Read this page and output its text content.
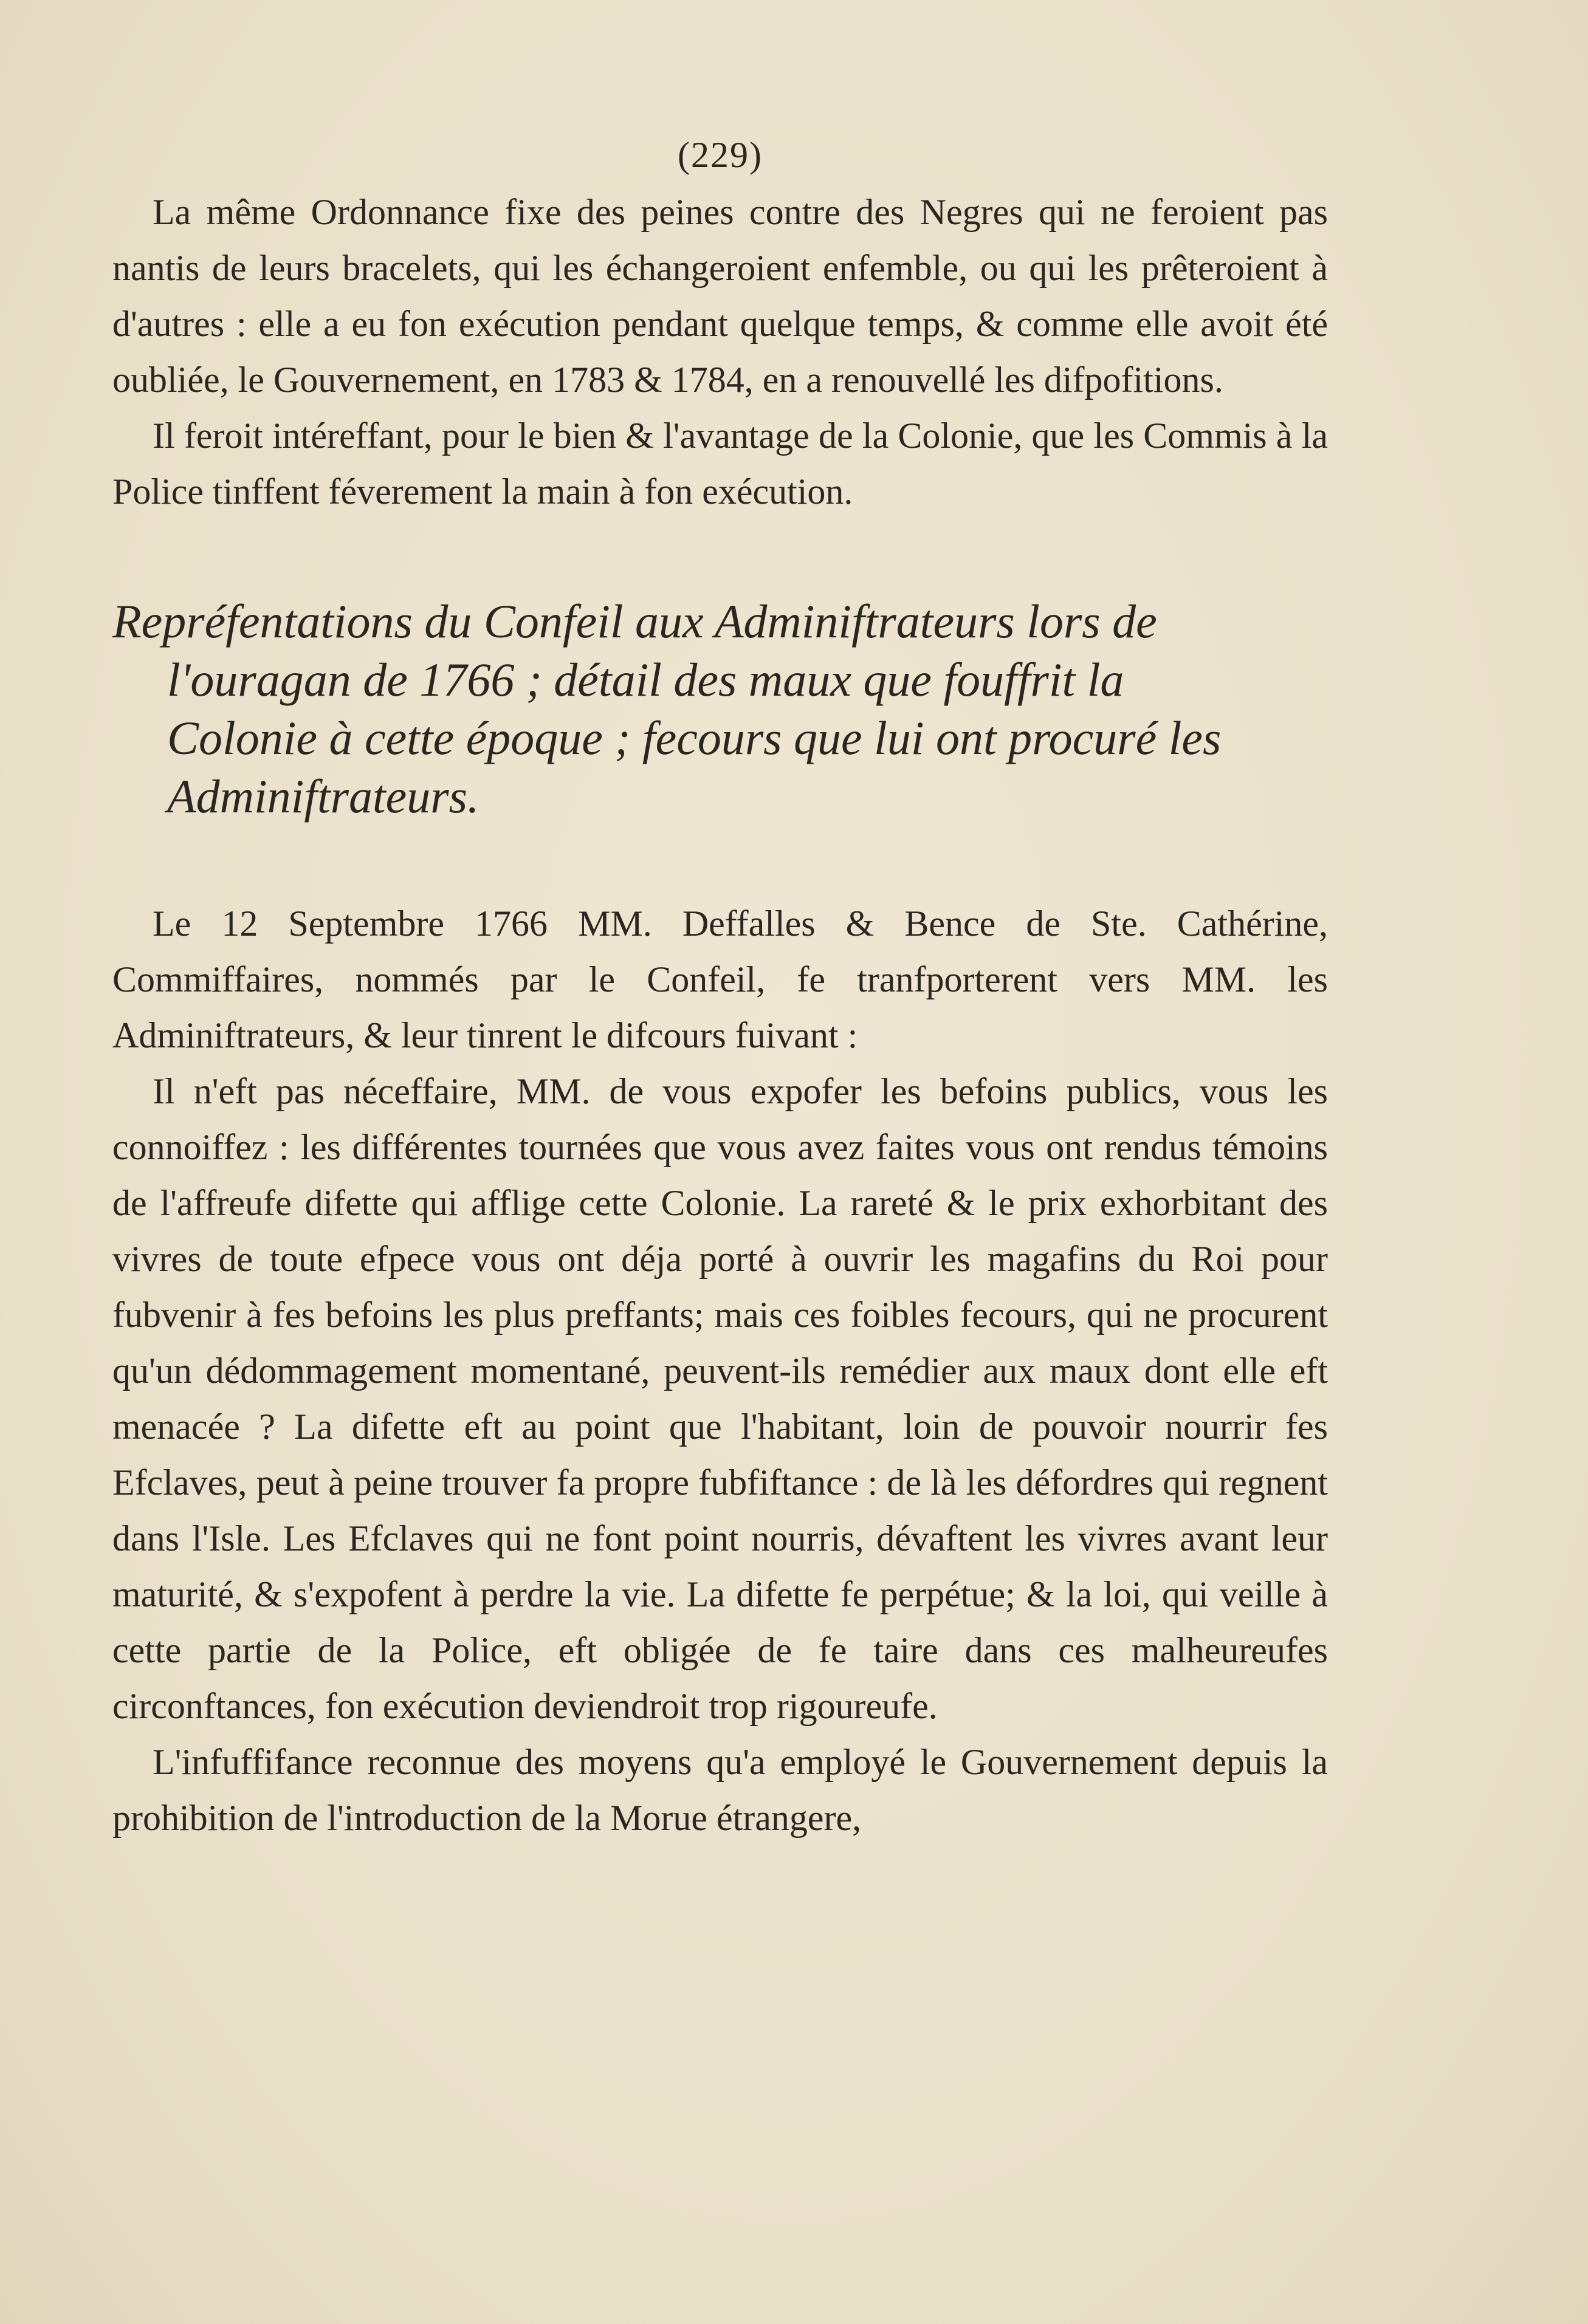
(229)

La même Ordonnance fixe des peines contre des Negres qui ne feroient pas nantis de leurs bracelets, qui les échangeroient enfemble, ou qui les prêteroient à d'autres : elle a eu fon exécution pendant quelque temps, & comme elle avoit été oubliée, le Gouvernement, en 1783 & 1784, en a renouvellé les difpofitions.

Il feroit intéreffant, pour le bien & l'avantage de la Colonie, que les Commis à la Police tinffent féverement la main à fon exécution.

Repréfentations du Confeil aux Adminiftrateurs lors de
l'ouragan de 1766 ; détail des maux que fouffrit la
Colonie à cette époque ; fecours que lui ont procuré les
Adminiftrateurs.

Le 12 Septembre 1766 MM. Deffalles & Bence de Ste. Cathérine, Commiffaires, nommés par le Confeil, fe tranfporterent vers MM. les Adminiftrateurs, & leur tinrent le difcours fuivant :

Il n'eft pas néceffaire, MM. de vous expofer les befoins publics, vous les connoiffez : les différentes tournées que vous avez faites vous ont rendus témoins de l'affreufe difette qui afflige cette Colonie. La rareté & le prix exhorbitant des vivres de toute efpece vous ont déja porté à ouvrir les magafins du Roi pour fubvenir à fes befoins les plus preffants; mais ces foibles fecours, qui ne procurent qu'un dédommagement momentané, peuvent-ils remédier aux maux dont elle eft menacée ? La difette eft au point que l'habitant, loin de pouvoir nourrir fes Efclaves, peut à peine trouver fa propre fubfiftance : de là les défordres qui regnent dans l'Isle. Les Efclaves qui ne font point nourris, dévaftent les vivres avant leur maturité, & s'expofent à perdre la vie. La difette fe perpétue; & la loi, qui veille à cette partie de la Police, eft obligée de fe taire dans ces malheureufes circonftances, fon exécution deviendroit trop rigoureufe.

L'infuffifance reconnue des moyens qu'a employé le Gouvernement depuis la prohibition de l'introduction de la Morue étrangere,
